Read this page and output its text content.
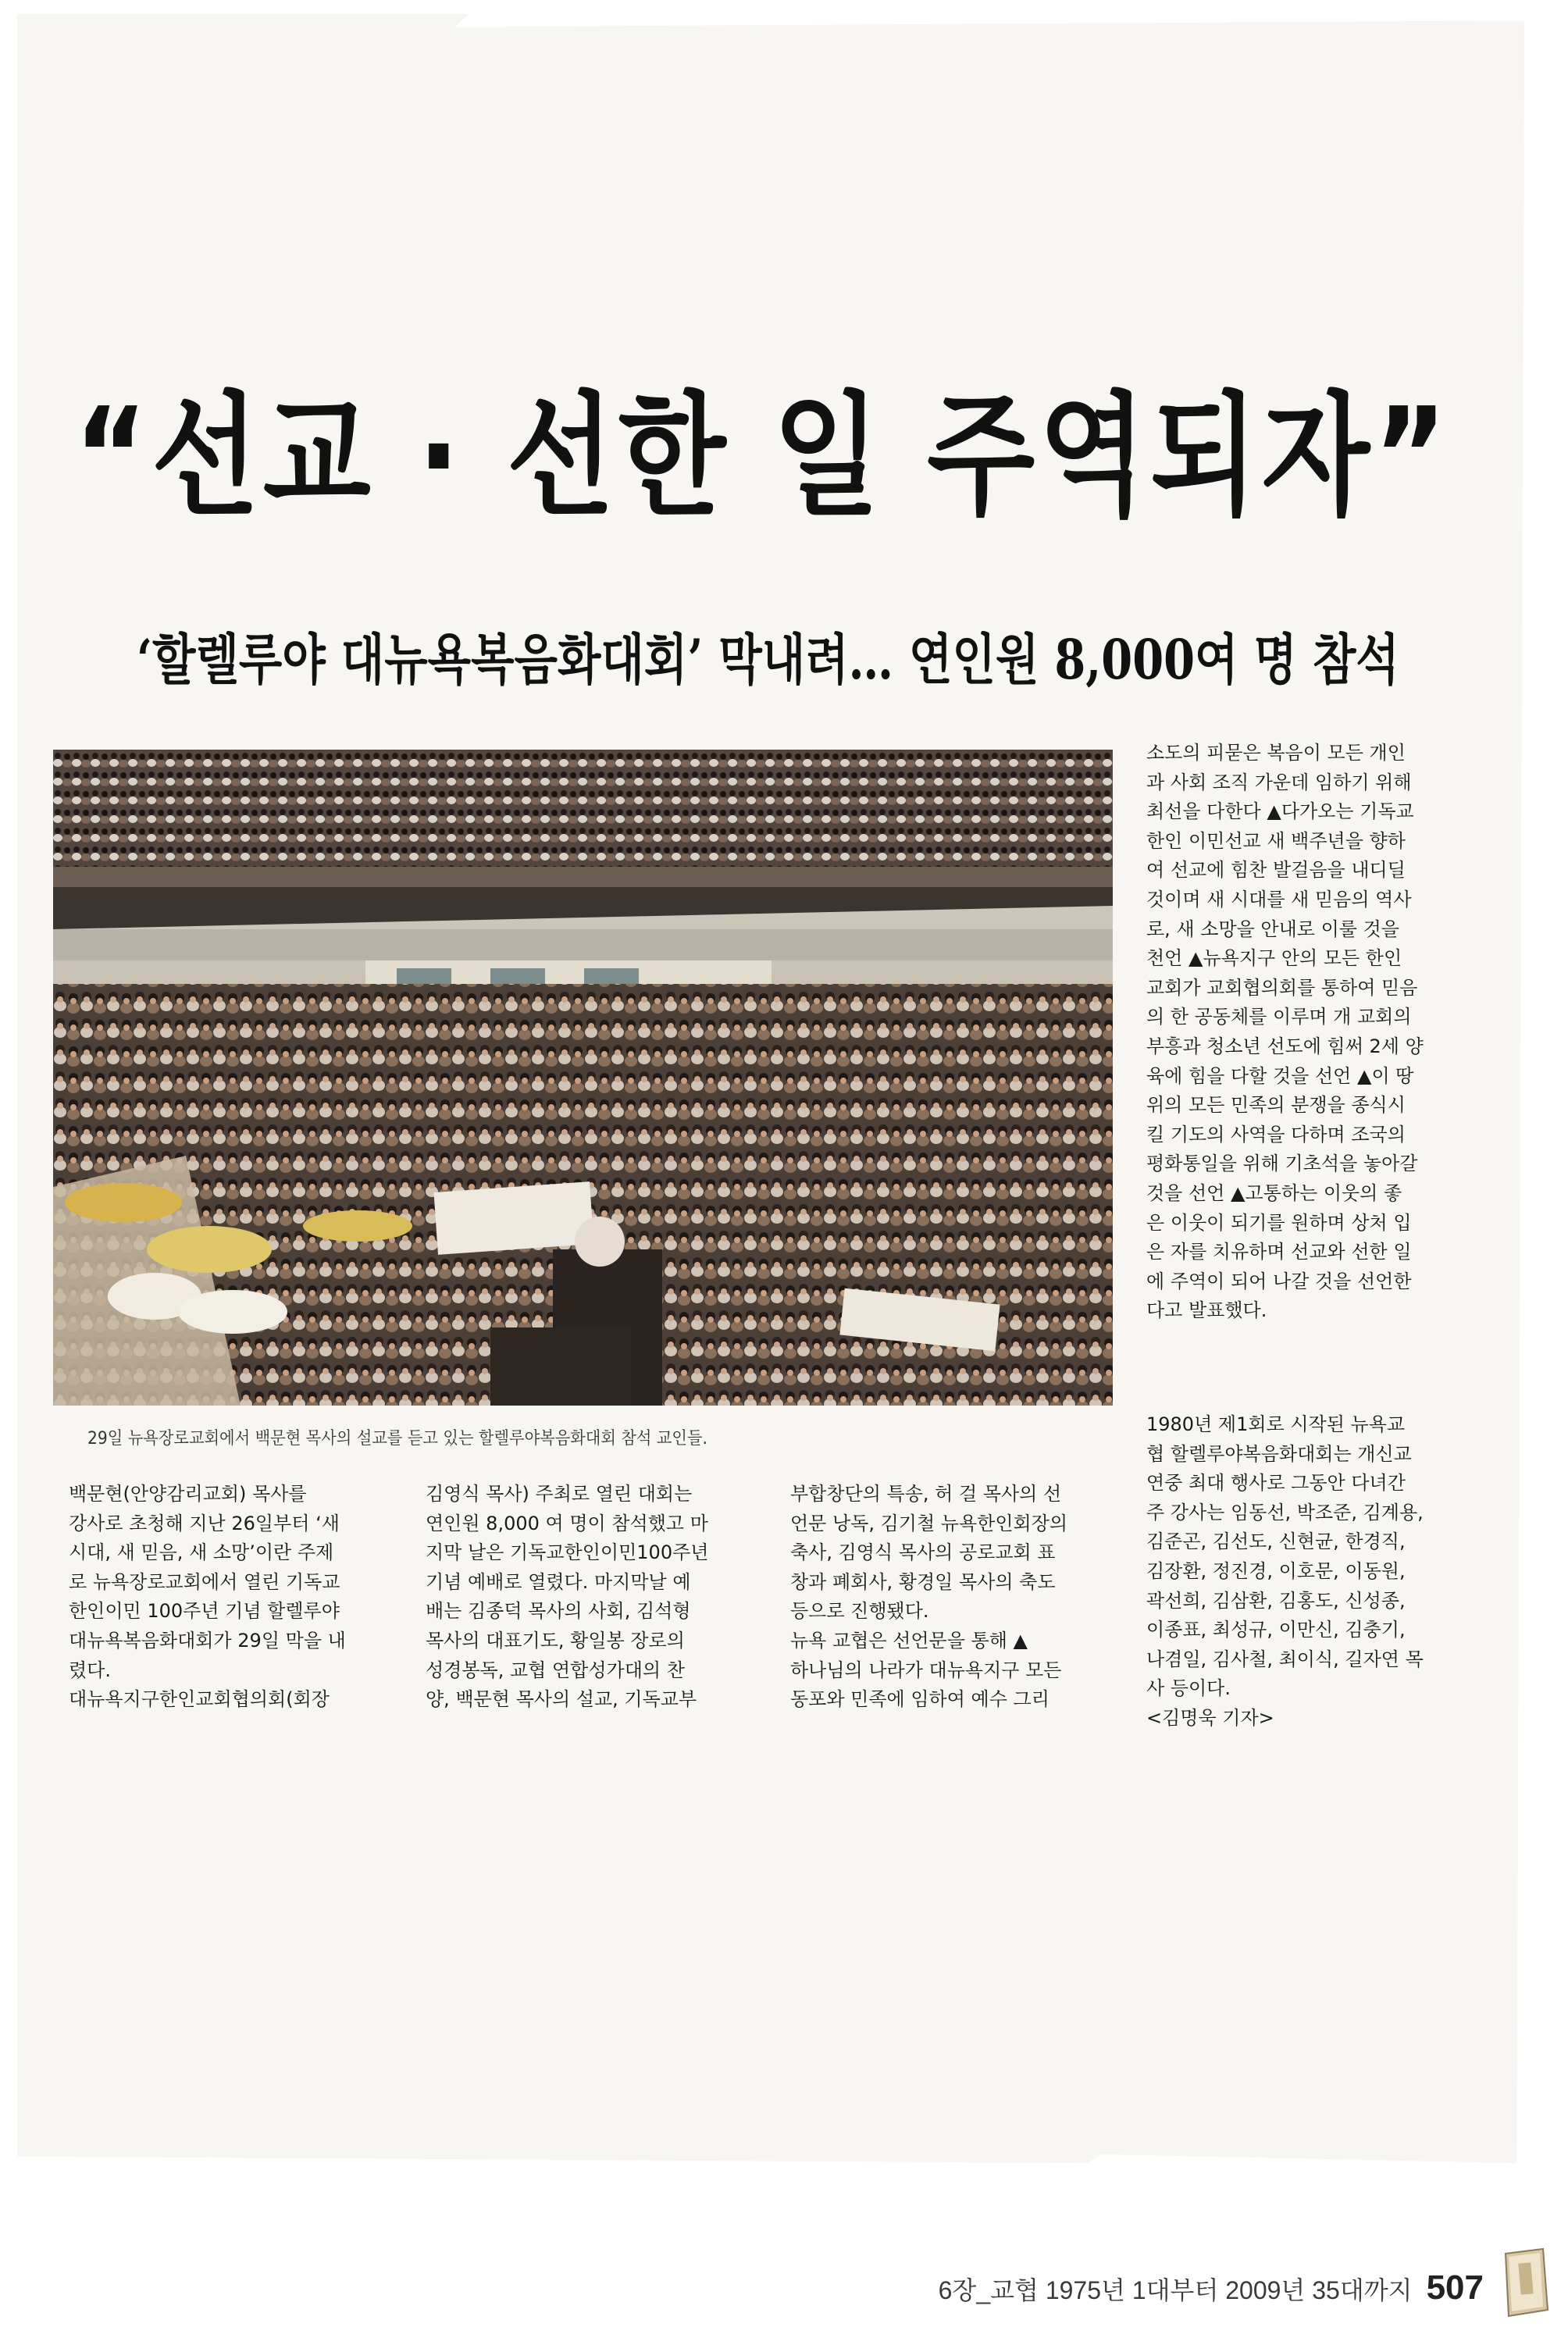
“선교 · 선한 일 주역되자”
‘할렐루야 대뉴욕복음화대회’ 막내려… 연인원 8,000여 명 참석
29일 뉴욕장로교회에서 백문현 목사의 설교를 듣고 있는 할렐루야복음화대회 참석 교인들.
소도의 피묻은 복음이 모든 개인
과 사회 조직 가운데 임하기 위해
최선을 다한다 ▲다가오는 기독교
한인 이민선교 새 백주년을 향하
여 선교에 힘찬 발걸음을 내디딜
것이며 새 시대를 새 믿음의 역사
로, 새 소망을 안내로 이룰 것을
천언 ▲뉴욕지구 안의 모든 한인
교회가 교회협의회를 통하여 믿음
의 한 공동체를 이루며 개 교회의
부흥과 청소년 선도에 힘써 2세 양
육에 힘을 다할 것을 선언 ▲이 땅
위의 모든 민족의 분쟁을 종식시
킬 기도의 사역을 다하며 조국의
평화통일을 위해 기초석을 놓아갈
것을 선언 ▲고통하는 이웃의 좋
은 이웃이 되기를 원하며 상처 입
은 자를 치유하며 선교와 선한 일
에 주역이 되어 나갈 것을 선언한
다고 발표했다.
1980년 제1회로 시작된 뉴욕교
협 할렐루야복음화대회는 개신교
연중 최대 행사로 그동안 다녀간
주 강사는 임동선, 박조준, 김계용,
김준곤, 김선도, 신현균, 한경직,
김장환, 정진경, 이호문, 이동원,
곽선희, 김삼환, 김홍도, 신성종,
이종표, 최성규, 이만신, 김충기,
나겸일, 김사철, 최이식, 길자연 목
사 등이다.
<김명욱 기자>
백문현(안양감리교회) 목사를
강사로 초청해 지난 26일부터 ‘새
시대, 새 믿음, 새 소망’이란 주제
로 뉴욕장로교회에서 열린 기독교
한인이민 100주년 기념 할렐루야
대뉴욕복음화대회가 29일 막을 내
렸다.
대뉴욕지구한인교회협의회(회장
김영식 목사) 주최로 열린 대회는
연인원 8,000 여 명이 참석했고 마
지막 날은 기독교한인이민100주년
기념 예배로 열렸다. 마지막날 예
배는 김종덕 목사의 사회, 김석형
목사의 대표기도, 황일봉 장로의
성경봉독, 교협 연합성가대의 찬
양, 백문현 목사의 설교, 기독교부
부합창단의 특송, 허 걸 목사의 선
언문 낭독, 김기철 뉴욕한인회장의
축사, 김영식 목사의 공로교회 표
창과 폐회사, 황경일 목사의 축도
등으로 진행됐다.
뉴욕 교협은 선언문을 통해 ▲
하나님의 나라가 대뉴욕지구 모든
동포와 민족에 임하여 예수 그리
6장_교협 1975년 1대부터 2009년 35대까지 507
